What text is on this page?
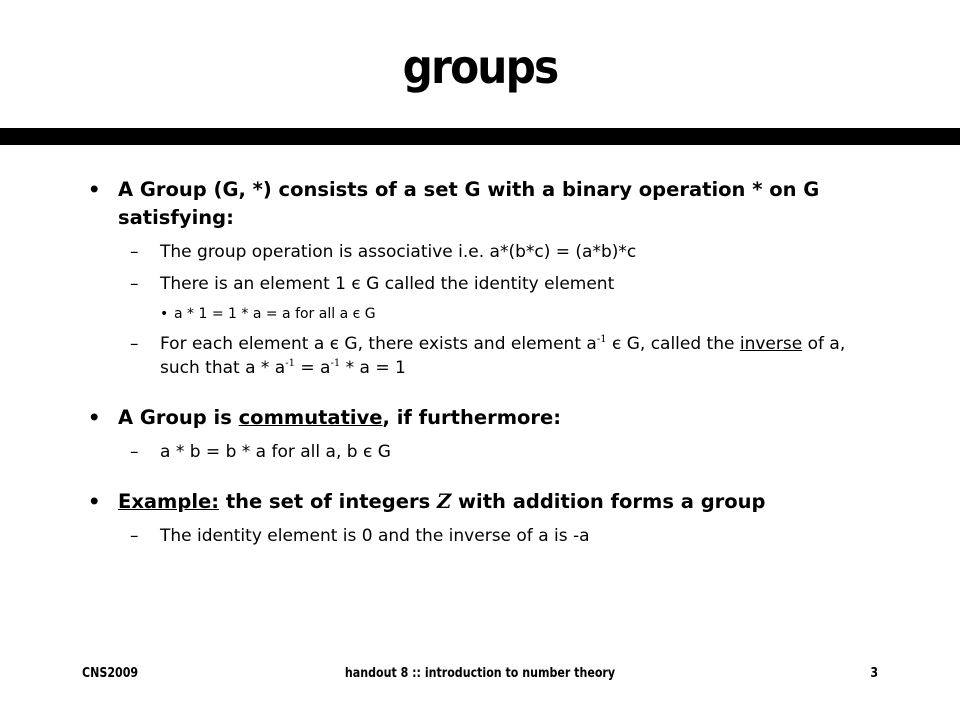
groups
• A Group (G, *) consists of a set G with a binary operation * on G satisfying:
– The group operation is associative i.e. a*(b*c) = (a*b)*c
– There is an element 1 є G called the identity element
• a * 1 = 1 * a = a for all a є G
– For each element a є G, there exists and element $a^{-1}$ є G, called the inverse of a, such that $a * a^{-1} = a^{-1} * a = 1$
• A Group is commutative, if furthermore:
– a * b = b * a for all a, b є G
• Example: the set of integers Z with addition forms a group
– The identity element is 0 and the inverse of a is -a
CNS2009	handout 8 :: introduction to number theory	3
